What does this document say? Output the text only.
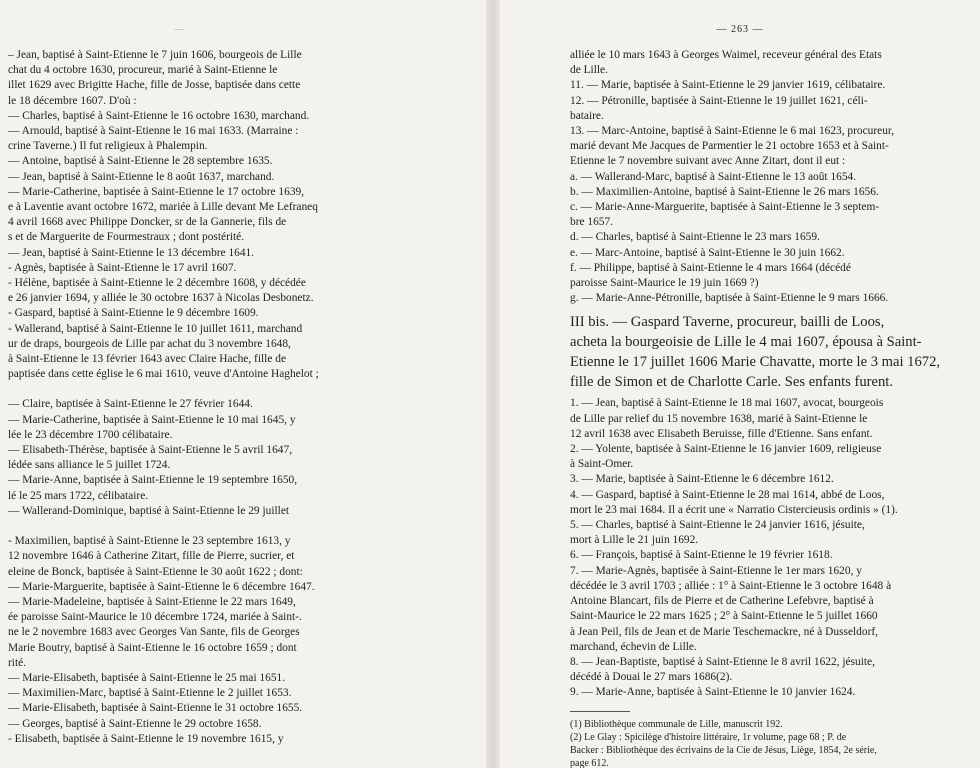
—
– Jean, baptisé à Saint-Etienne le 7 juin 1606, bourgeois de Lille
chat du 4 octobre 1630, procureur, marié à Saint-Etienne le
illet 1629 avec Brigitte Hache, fille de Josse, baptisée dans cette
le 18 décembre 1607. D'où :
— Charles, baptisé à Saint-Etienne le 16 octobre 1630, marchand.
— Arnould, baptisé à Saint-Etienne le 16 mai 1633. (Marraine :
crine Taverne.) Il fut religieux à Phalempin.
— Antoine, baptisé à Saint-Etienne le 28 septembre 1635.
— Jean, baptisé à Saint-Etienne le 8 août 1637, marchand.
— Marie-Catherine, baptisée à Saint-Etienne le 17 octobre 1639,
e à Laventie avant octobre 1672, mariée à Lille devant Me Lefraneq
4 avril 1668 avec Philippe Doncker, sr de la Gannerie, fils de
s et de Marguerite de Fourmestraux ; dont postérité.
— Jean, baptisé à Saint-Etienne le 13 décembre 1641.
- Agnès, baptisée à Saint-Etienne le 17 avril 1607.
- Hélène, baptisée à Saint-Etienne le 2 décembre 1608, y décédée
e 26 janvier 1694, y alliée le 30 octobre 1637 à Nicolas Desbonetz.
- Gaspard, baptisé à Saint-Etienne le 9 décembre 1609.
- Wallerand, baptisé à Saint-Etienne le 10 juillet 1611, marchand
ur de draps, bourgeois de Lille par achat du 3 novembre 1648,
à Saint-Etienne le 13 février 1643 avec Claire Hache, fille de
paptisée dans cette église le 6 mai 1610, veuve d'Antoine Haghelot ;
— Claire, baptisée à Saint-Etienne le 27 février 1644.
— Marie-Catherine, baptisée à Saint-Etienne le 10 mai 1645, y
lée le 23 décembre 1700 célibataire.
— Elisabeth-Thérèse, baptisée à Saint-Etienne le 5 avril 1647,
lédée sans alliance le 5 juillet 1724.
— Marie-Anne, baptisée à Saint-Etienne le 19 septembre 1650,
lé le 25 mars 1722, célibataire.
— Wallerand-Dominique, baptisé à Saint-Etienne le 29 juillet
- Maximilien, baptisé à Saint-Etienne le 23 septembre 1613, y
12 novembre 1646 à Catherine Zitart, fille de Pierre, sucrier, et
eleine de Bonck, baptisée à Saint-Etienne le 30 août 1622 ; dont:
— Marie-Marguerite, baptisée à Saint-Etienne le 6 décembre 1647.
— Marie-Madeleine, baptisée à Saint-Etienne le 22 mars 1649,
ée paroisse Saint-Maurice le 10 décembre 1724, mariée à Saint-.
ne le 2 novembre 1683 avec Georges Van Sante, fils de Georges
Marie Boutry, baptisé à Saint-Etienne le 16 octobre 1659 ; dont
rité.
— Marie-Elisabeth, baptisée à Saint-Etienne le 25 mai 1651.
— Maximilien-Marc, baptisé à Saint-Etienne le 2 juillet 1653.
— Marie-Elisabeth, baptisée à Saint-Etienne le 31 octobre 1655.
— Georges, baptisé à Saint-Etienne le 29 octobre 1658.
- Elisabeth, baptisée à Saint-Etienne le 19 novembre 1615, y
— 263 —
alliée le 10 mars 1643 à Georges Waimel, receveur général des Etats
de Lille.
11. — Marie, baptisée à Saint-Etienne le 29 janvier 1619, célibataire.
12. — Pétronille, baptisée à Saint-Etienne le 19 juillet 1621, céli-
bataire.
13. — Marc-Antoine, baptisé à Saint-Etienne le 6 mai 1623, procureur,
marié devant Me Jacques de Parmentier le 21 octobre 1653 et à Saint-
Etienne le 7 novembre suivant avec Anne Zitart, dont il eut :
a. — Wallerand-Marc, baptisé à Saint-Etienne le 13 août 1654.
b. — Maximilien-Antoine, baptisé à Saint-Etienne le 26 mars 1656.
c. — Marie-Anne-Marguerite, baptisée à Saint-Etienne le 3 septem-
bre 1657.
d. — Charles, baptisé à Saint-Etienne le 23 mars 1659.
e. — Marc-Antoine, baptisé à Saint-Etienne le 30 juin 1662.
f. — Philippe, baptisé à Saint-Etienne le 4 mars 1664 (décédé
paroisse Saint-Maurice le 19 juin 1669 ?)
g. — Marie-Anne-Pétronille, baptisée à Saint-Etienne le 9 mars 1666.
III bis. — Gaspard Taverne, procureur, bailli de Loos,
acheta la bourgeoisie de Lille le 4 mai 1607, épousa à Saint-
Etienne le 17 juillet 1606 Marie Chavatte, morte le 3 mai 1672,
fille de Simon et de Charlotte Carle. Ses enfants furent.
1. — Jean, baptisé à Saint-Etienne le 18 mai 1607, avocat, bourgeois
de Lille par relief du 15 novembre 1638, marié à Saint-Etienne le
12 avril 1638 avec Elisabeth Beruisse, fille d'Etienne. Sans enfant.
2. — Yolente, baptisée à Saint-Etienne le 16 janvier 1609, religieuse
à Saint-Omer.
3. — Marie, baptisée à Saint-Etienne le 6 décembre 1612.
4. — Gaspard, baptisé à Saint-Etienne le 28 mai 1614, abbé de Loos,
mort le 23 mai 1684. Il a écrit une « Narratio Cistercieusis ordinis » (1).
5. — Charles, baptisé à Saint-Etienne le 24 janvier 1616, jésuite,
mort à Lille le 21 juin 1692.
6. — François, baptisé à Saint-Etienne le 19 février 1618.
7. — Marie-Agnès, baptisée à Saint-Etienne le 1er mars 1620, y
décédée le 3 avril 1703 ; alliée : 1° à Saint-Etienne le 3 octobre 1648 à
Antoine Blancart, fils de Pierre et de Catherine Lefebvre, baptisé à
Saint-Maurice le 22 mars 1625 ; 2° à Saint-Etienne le 5 juillet 1660
à Jean Peil, fils de Jean et de Marie Teschemackre, né à Dusseldorf,
marchand, échevin de Lille.
8. — Jean-Baptiste, baptisé à Saint-Etienne le 8 avril 1622, jésuite,
décédé à Douai le 27 mars 1686(2).
9. — Marie-Anne, baptisée à Saint-Etienne le 10 janvier 1624.
(1) Bibliothèque communale de Lille, manuscrit 192.
(2) Le Glay : Spicilège d'histoire littéraire, 1r volume, page 68 ; P. de
Backer : Bibliothèque des écrivains de la Cie de Jésus, Liège, 1854, 2e série,
page 612.
